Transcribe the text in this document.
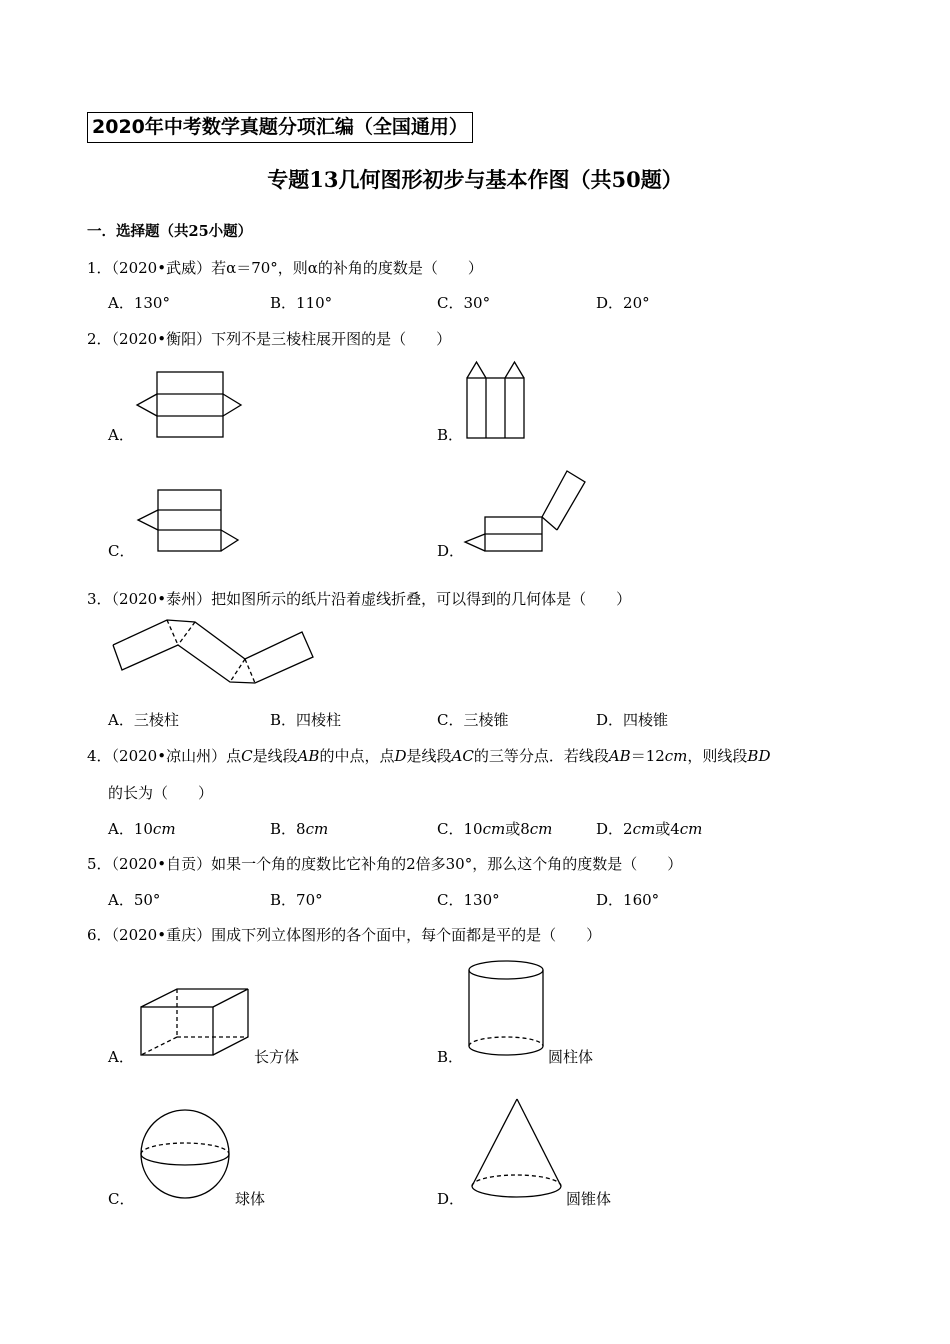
2020年中考数学真题分项汇编（全国通用）
专题13几何图形初步与基本作图（共50题）
一．选择题（共25小题）
1．（2020•武威）若α＝70°，则α的补角的度数是（　　）
A．130°	B．110°	C．30°	D．20°
2．（2020•衡阳）下列不是三棱柱展开图的是（　　）
A．	B．
C．	D．
3．（2020•泰州）把如图所示的纸片沿着虚线折叠，可以得到的几何体是（　　）
A．三棱柱	B．四棱柱	C．三棱锥	D．四棱锥
4．（2020•凉山州）点C是线段AB的中点，点D是线段AC的三等分点．若线段AB＝12cm，则线段BD
的长为（　　）
A．10cm	B．8cm	C．10cm或8cm	D．2cm或4cm
5．（2020•自贡）如果一个角的度数比它补角的2倍多30°，那么这个角的度数是（　　）
A．50°	B．70°	C．130°	D．160°
6．（2020•重庆）围成下列立体图形的各个面中，每个面都是平的是（　　）
A．	长方体	B．	圆柱体
C．	球体	D．	圆锥体
